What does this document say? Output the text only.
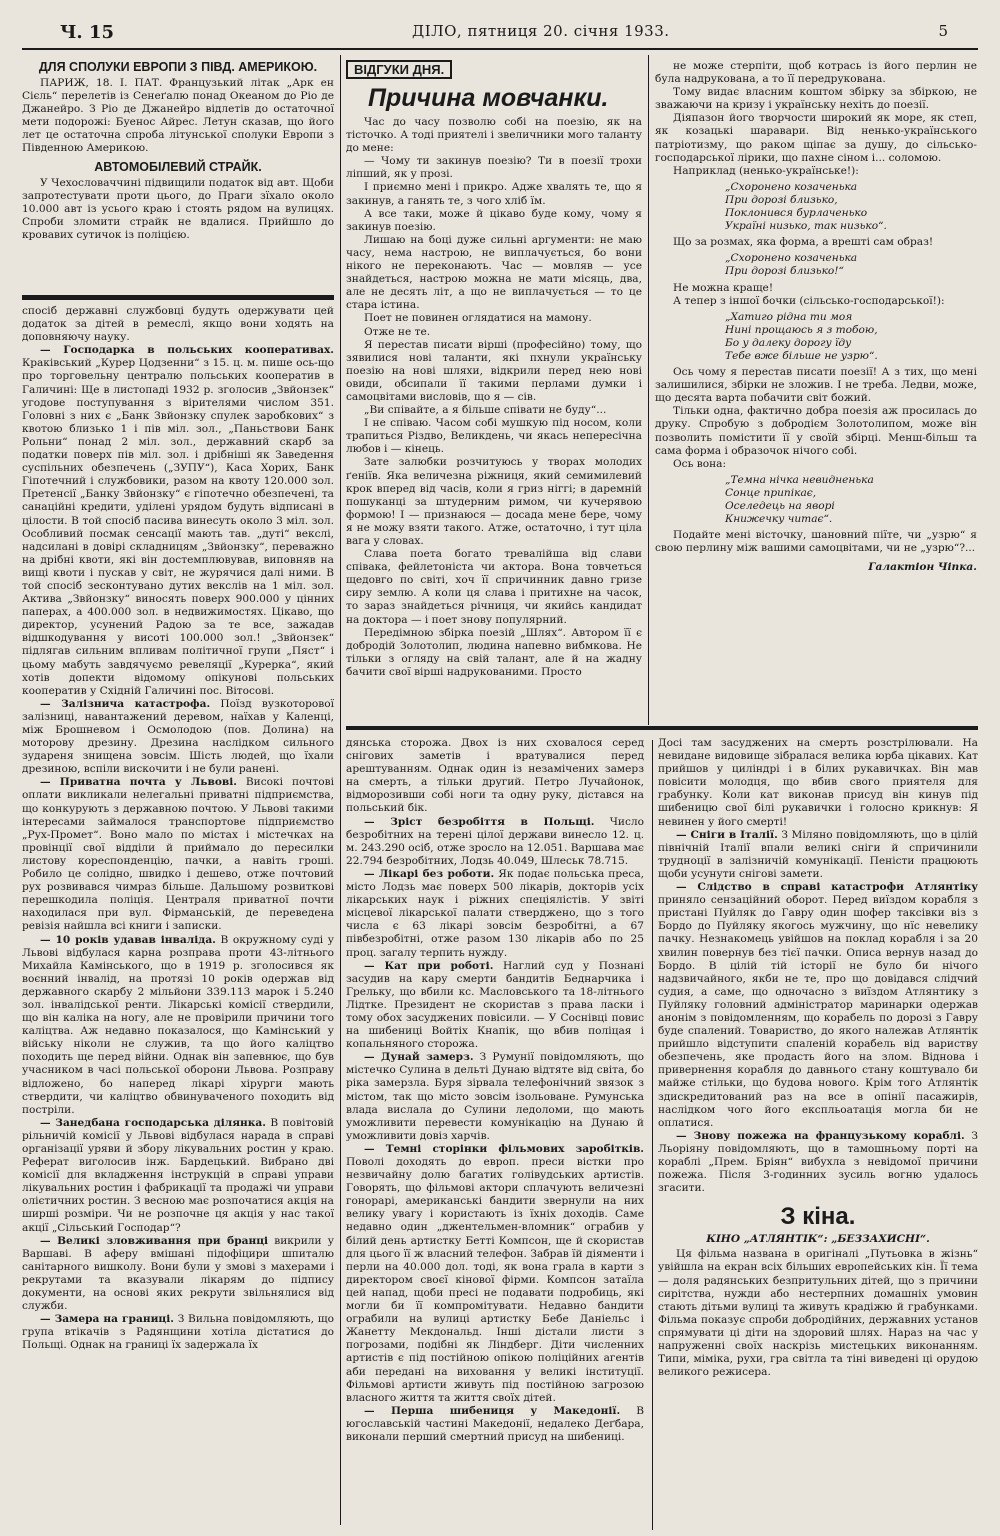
Ч. 15	ДІЛО, пятниця 20. січня 1933.	5
ДЛЯ СПОЛУКИ ЕВРОПИ З ПІВД. АМЕРИКОЮ.

ПАРИЖ, 18. І. ПАТ. Французький літак „Арк ен Сієль“ перелетів із Сенеґалю понад Океаном до Ріо де Джанейро. З Ріо де Джанейро відлетів до остаточної мети подорожі: Буенос Айрес. Летун сказав, що його лет це остаточна спроба літунської сполуки Европи з Південною Америкою.

АВТОМОБІЛЕВИЙ СТРАЙК.

У Чехословаччині підвищили податок від авт. Щоби запротестувати проти цього, до Праги зїхало около 10.000 авт із усього краю і стоять рядом на вулицях. Спроби зломити страйк не вдалися. Прийшло до кровавих сутичок із поліцією.

спосіб державні службовці будуть одержувати цей додаток за дітей в ремеслі, якщо вони ходять на доповняючу науку.

— Господарка в польських кооперативах. Краківський „Курер Цодзенни“ з 15. ц. м. пише ось-що про торговельну централю польських кооператив в Галичині: Ще в листопаді 1932 р. зголосив „Звйонзек“ угодове поступування з вірителями числом 351. Головні з них є „Банк Звйонзку спулек заробкових“ з квотою близько 1 і пів міл. зол., „Паньствови Банк Рольни“ понад 2 міл. зол., державний скарб за податки поверх пів міл. зол. і дрібніші як Заведення суспільних обезпечень („ЗУПУ“), Каса Хорих, Банк Гіпотечний і службовики, разом на квоту 120.000 зол. Претенсії „Банку Звйонзку“ є гіпотечно обезпечені, та санаційні кредити, уділені урядом будуть відписані в цілости. В той спосіб пасива винесуть около 3 міл. зол. Особливий посмак сенсації мають тав. „дуті“ векслі, надсилані в довірі складницям „Звйонзку“, переважно на дрібні квоти, які він достемплювував, виповняв на вищі квоти і пускав у світ, не журячися далі ними. В той спосіб зесконтувано дутих векслів на 1 міл. зол. Актива „Звйонзку“ виносять поверх 900.000 у цінних паперах, а 400.000 зол. в недвижимостях. Цікаво, що директор, усунений Радою за те все, зажадав відшкодування у висоті 100.000 зол.! „Звйонзек“ підлягав сильним впливам політичної групи „Пяст“ і цьому мабуть завдячуємо ревеляції „Курерка“, який хотів допекти відомому опікунові польських кооператив у Східній Галичині пос. Вітосові.

— Залізнича катастрофа. Поїзд вузкоторової залізниці, навантажений деревом, наїхав у Каленці, між Брошневом і Осмолодою (пов. Долина) на моторову дрезину. Дрезина наслідком сильного зудареня знищена зовсім. Шість людей, що їхали дрезиною, вспіли вискочити і не були ранені.

— Приватна почта у Львові. Високі почтові оплати викликали нелегальні приватні підприємства, що конкурують з державною почтою. У Львові такими інтересами займалося транспортове підприємство „Рух-Промет“. Воно мало по містах і містечках на провінції свої відділи й приймало до пересилки листову кореспонденцію, пачки, а навіть гроші. Робило це солідно, швидко і дешево, отже почтовий рух розвивався чимраз більше. Дальшому розвиткові перешкодила поліція. Централя приватної почти находилася при вул. Фірманській, де переведена ревізія найшла всі книги і записки.

— 10 років удавав інваліда. В окружному суді у Львові відбулася карна розправа проти 43-літнього Михайла Камінського, що в 1919 р. зголосився як воєнний інвалід, на протязі 10 років одержав від державного скарбу 2 мільйони 339.113 марок і 5.240 зол. інвалідської ренти. Лікарські комісії ствердили, що він каліка на ногу, але не провірили причини того каліцтва. Аж недавно показалося, що Камінський у війську ніколи не служив, та що його каліцтво походить ще перед війни. Однак він запевнює, що був учасником в часі польської оборони Львова. Розправу відложено, бо наперед лікарі хірурги мають ствердити, чи каліцтво обвинуваченого походить від постріли.

— Занедбана господарська ділянка. В повітовій рільничій комісії у Львові відбулася нарада в справі організації уряви й збору лікувальних ростин у краю. Реферат виголосив інж. Бардецький. Вибрано дві комісії для вкладження інструкцій в справі управи лікувальних ростин і фабрикації та продажі чи управи олієтичних ростин. З весною має розпочатися акція на ширші розміри. Чи не розпочне ця акція у нас такої акції „Сільський Господар“?

— Великі зловживання при бранці викрили у Варшаві. В аферу вмішані підофіцири шпиталю санітарного вишколу. Вони були у змові з махерами і рекрутами та вказували лікарям до підпису документи, на основі яких рекрути звільнялися від служби.

— Замера на границі. З Вильна повідомляють, що група втікачів з Радянщини хотіла дістатися до Польщі. Однак на границі їх задержала їх

ВІДГУКИ ДНЯ.
Причина мовчанки.

Час до часу позволю собі на поезію, як на тісточко. А тоді приятелі і звеличники мого таланту до мене:

— Чому ти закинув поезію? Ти в поезії трохи ліпший, як у прозі.

І приємно мені і прикро. Адже хвалять те, що я закинув, а ганять те, з чого хліб їм.

А все таки, може й цікаво буде кому, чому я закинув поезію.

Лишаю на боці дуже сильні аргументи: не маю часу, нема настрою, не виплачується, бо вони нікого не переконають. Час — мовляв — усе знайдеться, настрою можна не мати місяць, два, але не десять літ, а що не виплачується — то це стара істина.

Поет не повинен оглядатися на мамону.

Отже не те.

Я перестав писати вірші (професійно) тому, що зявилися нові таланти, які пхнули українську поезію на нові шляхи, відкрили перед нею нові овиди, обсипали її такими перлами думки і самоцвітами висловів, що я — сів.

„Ви співайте, а я більше співати не буду“...

І не співаю. Часом собі мушкую під носом, коли трапиться Різдво, Великдень, чи якась непересічна любов і — кінець.

Зате залюбки розчитуюсь у творах молодих ґеніїв. Яка величезна ріжниця, який семимилевий крок вперед від часів, коли я гриз ніггі; в даремній пошуканці за штудерним римом, чи кучерявою формою! І — признаюся — досада мене бере, чому я не можу взяти такого. Атже, остаточно, і тут ціла вага у словах.

Слава поета богато тревалійша від слави співака, фейлетоніста чи актора. Вона товчеться щедовго по світі, хоч її спричинник давно гризе сиру землю. А коли ця слава і притихне на часок, то зараз знайдеться річниця, чи якийсь кандидат на доктора — і поет знову популярний.

Передімною збірка поезій „Шлях“. Автором її є добродій Золотолип, людина напевно вибмкова. Не тільки з огляду на свій талант, але й на жадну бачити свої вірші надрукованими. Просто

не може стерпіти, щоб котрась із його перлин не була надрукована, а то її передрукована.

Тому видає власним коштом збірку за збіркою, не зважаючи на кризу і українську нехіть до поезії.

Діяпазон його творчости широкий як море, як степ, як козацькі шаравари. Від ненько-українського патріотизму, що раком щіпає за душу, до сільсько-господарської лірики, що пахне сіном і... соломою.

Наприклад (ненько-українське!):

„Схоронено козаченька
При дорозі близько,
Поклонився бурлаченько
Україні низько, так низько“.

Що за розмах, яка форма, а врешті сам образ!

„Схоронено козаченька
При дорозі близько!“

Не можна краще!

А тепер з іншої бочки (сільсько-господарської!):

„Хатиго рідна ти моя
Нині прощаюсь я з тобою,
Бо у далеку дорогу їду
Тебе вже більше не узрю“.

Ось чому я перестав писати поезії! А з тих, що мені залишилися, збірки не зложив. І не треба. Ледви, може, що десята варта побачити світ божий.

Тільки одна, фактично добра поезія аж просилась до друку. Спробую з добродієм Золотолипом, може він позволить помістити її у своїй збірці. Менш-більш та сама форма і образочок нічого собі.

Ось вона:

„Темна нічка невидненька
Сонце припікає,
Оселедець на яворі
Книжечку читає“.

Подайте мені вісточку, шановний піїте, чи „узрю“ я свою перлину між вашими самоцвітами, чи не „узрю“?...

Галактіон Чіпка.

дянська сторожа. Двох із них сховалося серед снігових заметів і вратувалися перед арештуванням. Однак один із незамічених замерз на смерть, а тільки другий. Петро Лучайонок, відморозивши собі ноги та одну руку, дістався на польський бік.

— Зріст безробіття в Польщі. Число безробітних на терені цілої держави винесло 12. ц. м. 243.290 осіб, отже зросло на 12.051. Варшава має 22.794 безробітних, Лодзь 40.049, Шлеськ 78.715.

— Лікарі без роботи. Як подає польська преса, місто Лодзь має поверх 500 лікарів, докторів усіх лікарських наук і ріжних спеціялістів. У звіті місцевої лікарської палати стверджено, що з того числа є 63 лікарі зовсім безробітні, а 67 півбезробітні, отже разом 130 лікарів або по 25 проц. загалу терпить нужду.

— Кат при роботі. Наглий суд у Познані засудив на кару смерти бандитів Беднарчика і Грельку, що вбили кс. Масловського та 18-літнього Лідтке. Президент не скористав з права ласки і тому обох засуджених повісили. — У Соснівці повис на шибениці Войтіх Кнапік, що вбив поліцая і копальняного сторожа.

— Дунай замерз. З Румунії повідомляють, що містечко Сулина в дельті Дунаю відтяте від світа, бо ріка замерзла. Буря зірвала телефонічний звязок з містом, так що місто зовсім ізольоване. Румунська влада вислала до Сулини ледоломи, що мають уможливити перевести комунікацію на Дунаю й уможливити довіз харчів.

— Темні сторінки фільмових заробітків. Поволі доходять до европ. преси вістки про незвичайну долю багатих голівудських артистів. Говорять, що фільмові актори сплачують величезні гонорарі, американські бандити звернули на них велику увагу і користають із їхніх доходів. Саме недавно один „джентельмен-вломник“ ограбив у білий день артистку Бетті Компсон, ще й скористав для цього її ж власний телефон. Забрав їй діяменти і перли на 40.000 дол. тоді, як вона грала в карти з директором своєї кінової фірми. Компсон затаїла цей напад, щоби пресі не подавати подробиць, які могли би її компромітувати. Недавно бандити ограбили на вулиці артистку Бебе Даніельс і Жанетту Мекдональд. Інші дістали листи з погрозами, подібні як Ліндберг. Діти численних артистів є під постійною опікою поліційних агентів аби передані на виховання у великі інституції. Фільмові артисти живуть під постійною загрозою власного життя та життя своїх дітей.

— Перша шибениця у Македонії. В югославській частині Македонії, недалеко Деґбара, виконали перший смертний присуд на шибениці.

Досі там засуджених на смерть розстрілювали. На невидане видовище зібралася велика юрба цікавих. Кат прийшов у циліндрі і в білих рукавичках. Він мав повісити молодця, що вбив свого приятеля для грабунку. Коли кат виконав присуд він кинув під шибеницю свої білі рукавички і голосно крикнув: Я невинен у його смерті!

— Сніги в Італії. З Міляно повідомляють, що в цілій північній Італії впали великі сніги й спричинили трудноції в залізничій комунікації. Пеністи працюють щоби усунути снігові замети.

— Слідство в справі катастрофи Атлянтіку приняло сензаційний оборот. Перед виїздом корабля з пристані Пуйляк до Гавру один шофер таксівки віз з Бордо до Пуйляку якогось мужчину, що нїс невелику пачку. Незнакомець увійшов на поклад корабля і за 20 хвилин повернув без тієї пачки. Описа вернув назад до Бордо. В цілій тій історії не було би нічого надзвичайного, якби не те, про що довідався слідчий судия, а саме, що одночасно з виїздом Атлянтику з Пуйляку головний адміністратор маринарки одержав анонім з повідомленням, що корабель по дорозі з Гавру буде спалений. Товариство, до якого належав Атлянтік прийшло відступити спаленій корабель від вариству обезпечень, яке продасть його на злом. Віднова і привернення корабля до давнього стану коштувало би майже стільки, що будова нового. Крім того Атлянтік здискредитований раз на все в опінії пасажирів, наслідком чого його експльоатація могла би не оплатися.

— Знову пожежа на французькому кораблі. З Льоріяну повідомляють, що в тамошньому порті на кораблі „Прем. Бріян“ вибухла з невідомої причини пожежа. Після 3-годинних зусиль вогню удалось згасити.

З кіна.
КІНО „АТЛЯНТІК“: „БЕЗЗАХИСНІ“.

Ця фільма названа в оригіналі „Путьовка в жізнь“ увійшла на екран всіх більших европейських кін. Її тема — доля радянських безпритульних дітей, що з причини сирітства, нужди або нестерпних домашніх умовин стають дітьми вулиці та живуть крадіжю й грабунками. Фільма показує спроби добродійних, державних установ спрямувати ці діти на здоровий шлях. Нараз на час у напруженні своїх наскрізь мистецьких виконанням. Типи, міміка, рухи, гра світла та тіні виведені ці орудою великого режисера.
